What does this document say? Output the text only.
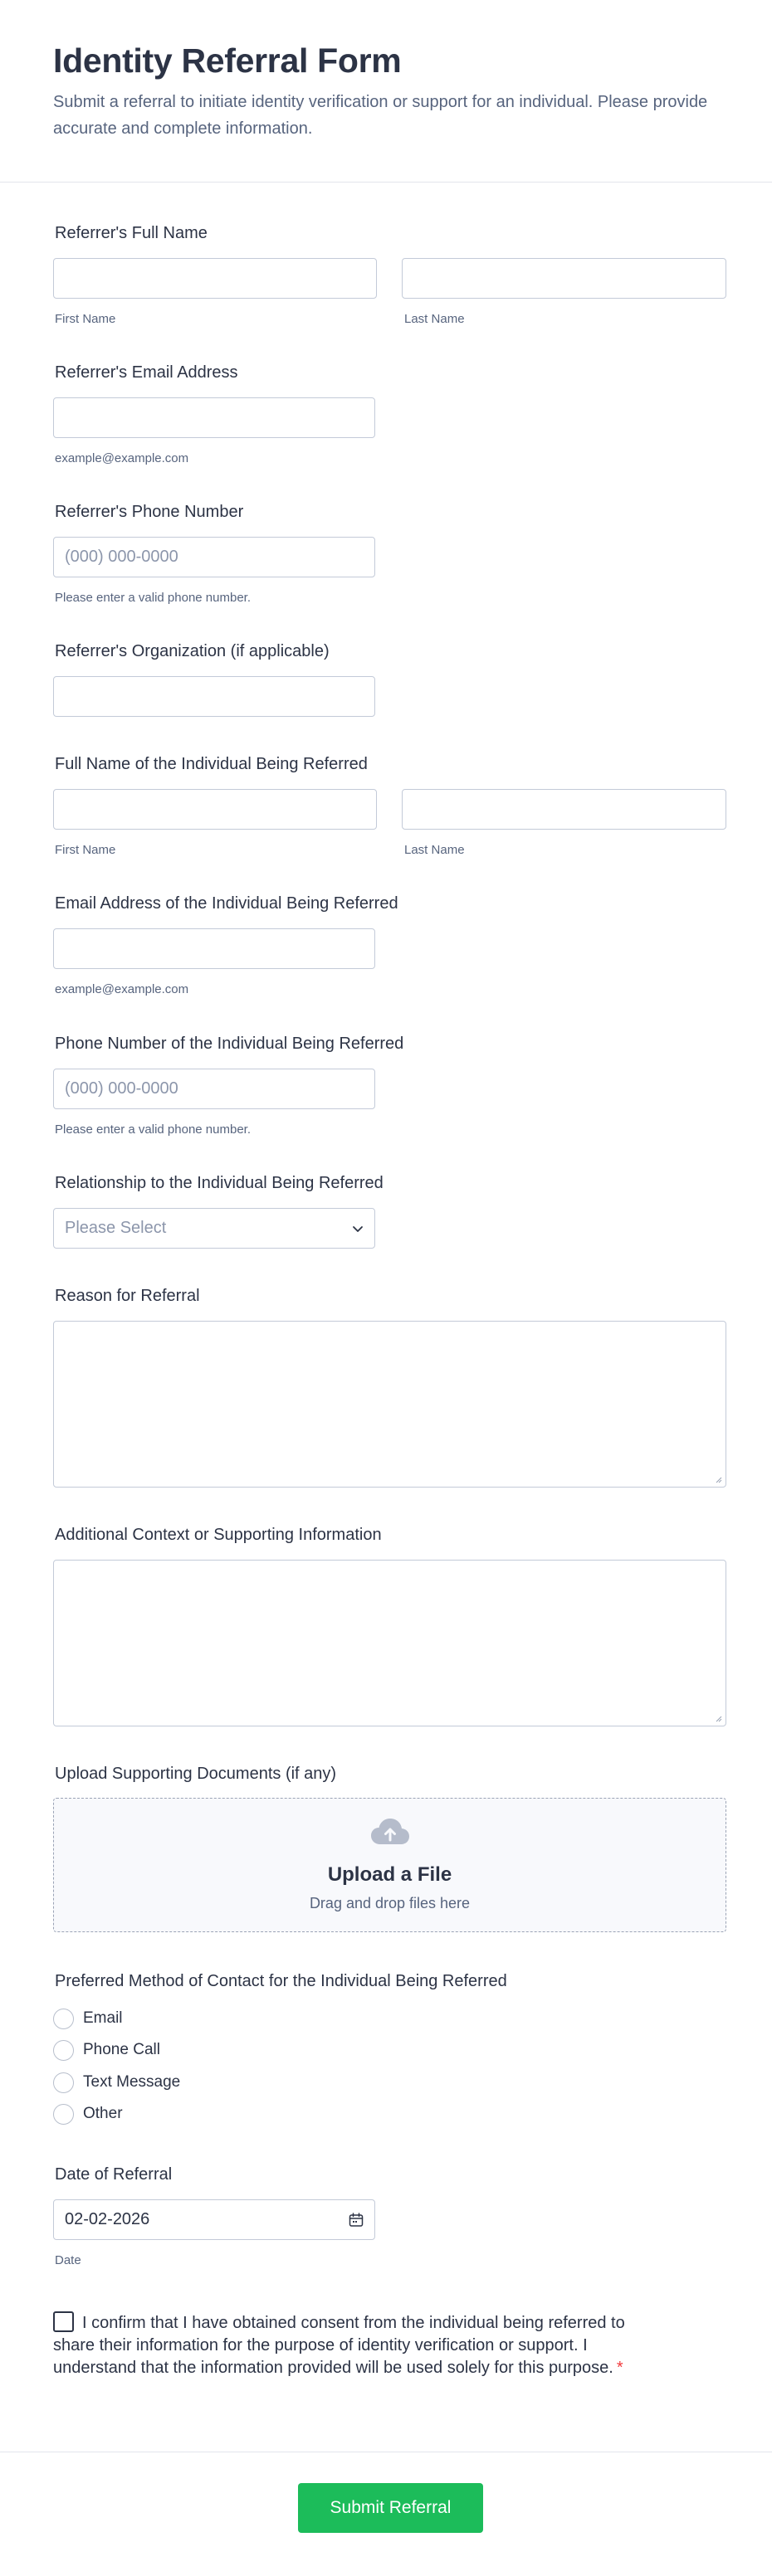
Identity Referral Form

Submit a referral to initiate identity verification or support for an individual. Please provide accurate and complete information.

Referrer's Full Name
First Name	Last Name
Referrer's Email Address
example@example.com
Referrer's Phone Number
(000) 000-0000
Please enter a valid phone number.
Referrer's Organization (if applicable)
Full Name of the Individual Being Referred
First Name	Last Name
Email Address of the Individual Being Referred
example@example.com
Phone Number of the Individual Being Referred
(000) 000-0000
Please enter a valid phone number.
Relationship to the Individual Being Referred
Please Select
Reason for Referral
Additional Context or Supporting Information
Upload Supporting Documents (if any)
Upload a File
Drag and drop files here
Preferred Method of Contact for the Individual Being Referred
Email
Phone Call
Text Message
Other
Date of Referral
02-02-2026
Date
I confirm that I have obtained consent from the individual being referred to share their information for the purpose of identity verification or support. I understand that the information provided will be used solely for this purpose. *
Submit Referral
